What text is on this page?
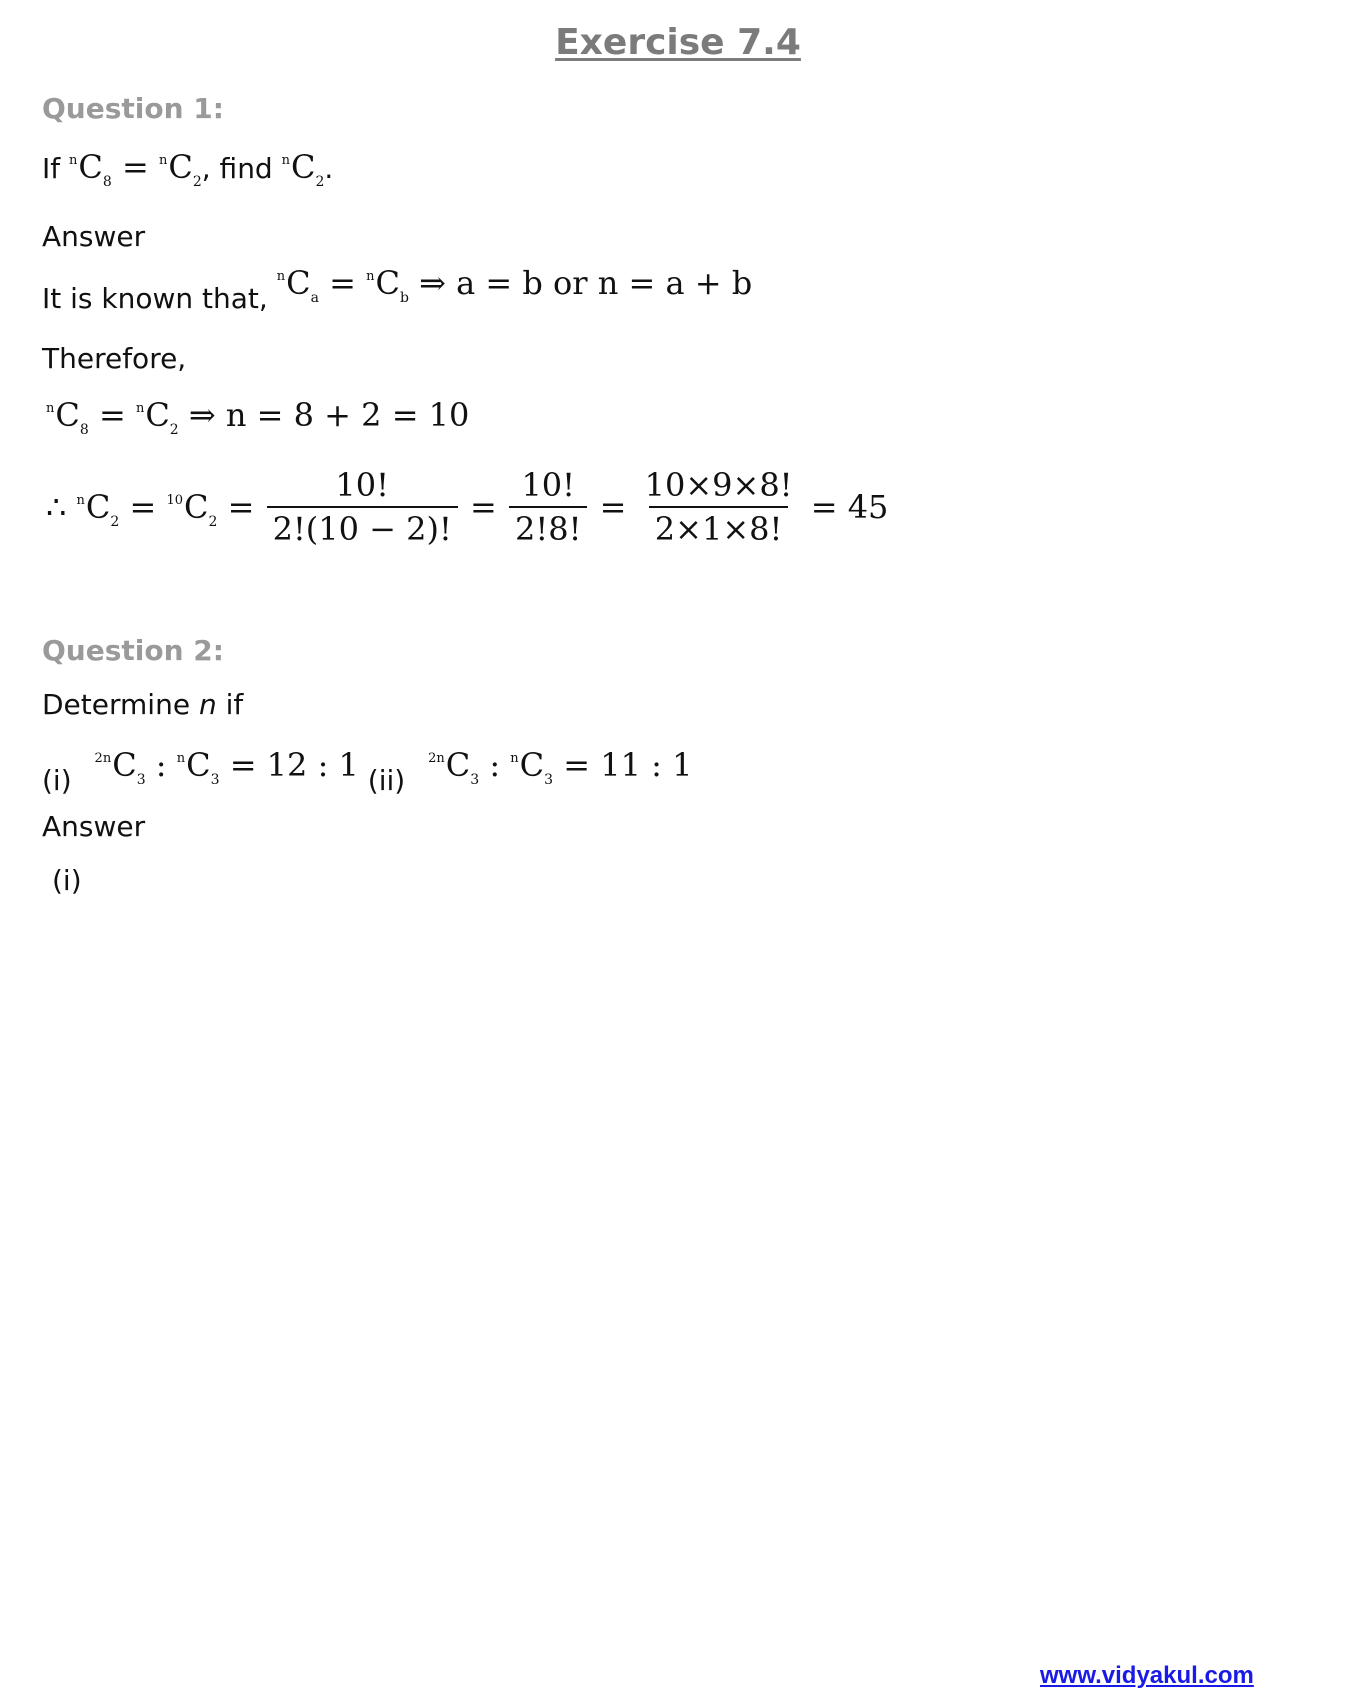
Exercise 7.4
Question 1:
If $^nC_8 = ^nC_2$, find $^nC_2$.
Answer
It is known that, $^nC_a = ^nC_b$ ⇒ a = b or n = a + b
Therefore,
$^nC_8 = ^nC_2$ ⇒ n = 8 + 2 = 10
∴ $^nC_2 = ^{10}C_2 = \frac{10!}{2!(10 - 2)!} = \frac{10!}{2!8!} = \frac{10\times 9\times 8!}{2\times 1\times 8!} = 45$
Question 2:
Determine n if
(i) $^{2n}C_3$ : $^nC_3 = 12$ : 1 (ii) $^{2n}C_3$ : $^nC_3 = 11$ : 1
Answer
(i)
www.vidyakul.com
